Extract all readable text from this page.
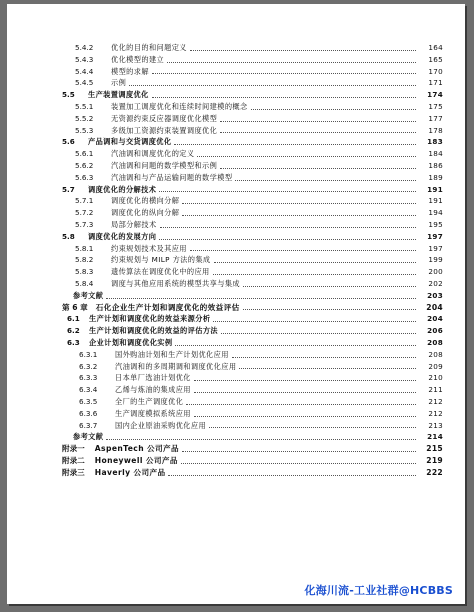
5.4.2	优化的目的和问题定义	164
5.4.3	优化模型的建立	165
5.4.4	模型的求解	170
5.4.5	示例	171
5.5	生产装置调度优化	174
5.5.1	装置加工调度优化和连续时间建模的概念	175
5.5.2	无资源约束反应器调度优化模型	177
5.5.3	多级加工资源约束装置调度优化	178
5.6	产品调和与交货调度优化	183
5.6.1	汽油调和调度优化的定义	184
5.6.2	汽油调和问题的数学模型和示例	186
5.6.3	汽油调和与产品运输问题的数学模型	189
5.7	调度优化的分解技术	191
5.7.1	调度优化的横向分解	191
5.7.2	调度优化的纵向分解	194
5.7.3	局部分解技术	195
5.8	调度优化的发展方向	197
5.8.1	约束规划技术及其应用	197
5.8.2	约束规划与 MILP 方法的集成	199
5.8.3	遗传算法在调度优化中的应用	200
5.8.4	调度与其他应用系统的模型共享与集成	202
参考文献	203
第 6 章 石化企业生产计划和调度优化的效益评估	204
6.1	生产计划和调度优化的效益来源分析	204
6.2	生产计划和调度优化的效益的评估方法	206
6.3	企业计划和调度优化实例	208
6.3.1	国外购油计划和生产计划优化应用	208
6.3.2	汽油调和的多周期调和调度优化应用	209
6.3.3	日本单厂选油计划优化	210
6.3.4	乙烯与炼油的集成应用	211
6.3.5	全厂的生产调度优化	212
6.3.6	生产调度模拟系统应用	212
6.3.7	国内企业原油采购优化应用	213
参考文献	214
附录一 AspenTech 公司产品	215
附录二 Honeywell 公司产品	219
附录三 Haverly 公司产品	222
化海川流-工业社群@HCBBS
